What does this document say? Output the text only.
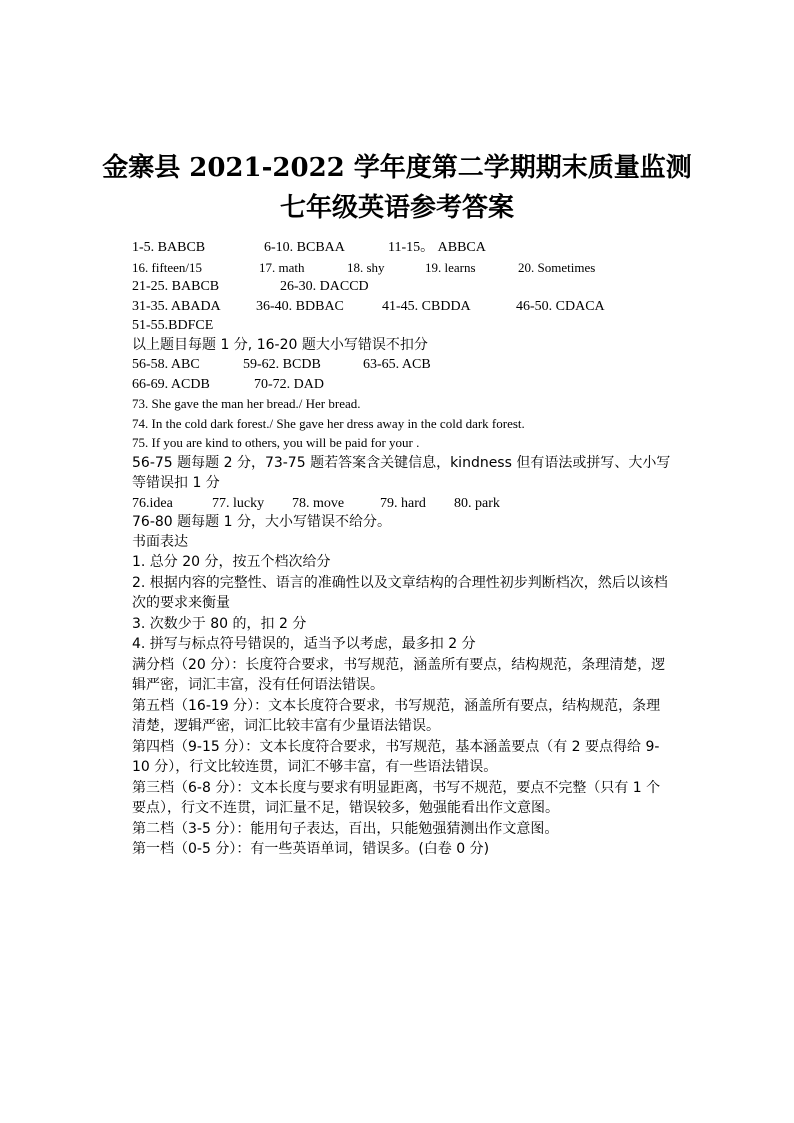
金寨县 2021-2022 学年度第二学期期末质量监测
七年级英语参考答案
1-5. BABCB	6-10. BCBAA	11-15。 ABBCA
16. fifteen/15	17. math	18. shy	19. learns	20. Sometimes
21-25. BABCB	26-30. DACCD
31-35. ABADA	36-40. BDBAC	41-45. CBDDA	46-50. CDACA
51-55.BDFCE
以上题目每题 1 分, 16-20 题大小写错误不扣分
56-58. ABC	59-62. BCDB	63-65. ACB
66-69. ACDB	70-72. DAD
73. She gave the man her bread./ Her bread.
74. In the cold dark forest./ She gave her dress away in the cold dark forest.
75. If you are kind to others, you will be paid for your .
56-75 题每题 2 分，73-75 题若答案含关键信息，kindness 但有语法或拼写、大小写等错误扣 1 分
76.idea	77. lucky 78. move	79. hard 80. park
76-80 题每题 1 分，大小写错误不给分。
书面表达
1. 总分 20 分，按五个档次给分
2. 根据内容的完整性、语言的准确性以及文章结构的合理性初步判断档次，然后以该档次的要求来衡量
3. 次数少于 80 的，扣 2 分
4. 拼写与标点符号错误的，适当予以考虑，最多扣 2 分
满分档（20 分）：长度符合要求，书写规范，涵盖所有要点，结构规范，条理清楚，逻辑严密，词汇丰富，没有任何语法错误。
第五档（16-19 分）：文本长度符合要求，书写规范，涵盖所有要点，结构规范，条理清楚，逻辑严密，词汇比较丰富有少量语法错误。
第四档（9-15 分）：文本长度符合要求，书写规范，基本涵盖要点（有 2 要点得给 9-10 分），行文比较连贯，词汇不够丰富，有一些语法错误。
第三档（6-8 分）：文本长度与要求有明显距离，书写不规范，要点不完整（只有 1 个要点），行文不连贯，词汇量不足，错误较多，勉强能看出作文意图。
第二档（3-5 分）：能用句子表达，百出，只能勉强猜测出作文意图。
第一档（0-5 分）：有一些英语单词，错误多。(白卷 0 分)
